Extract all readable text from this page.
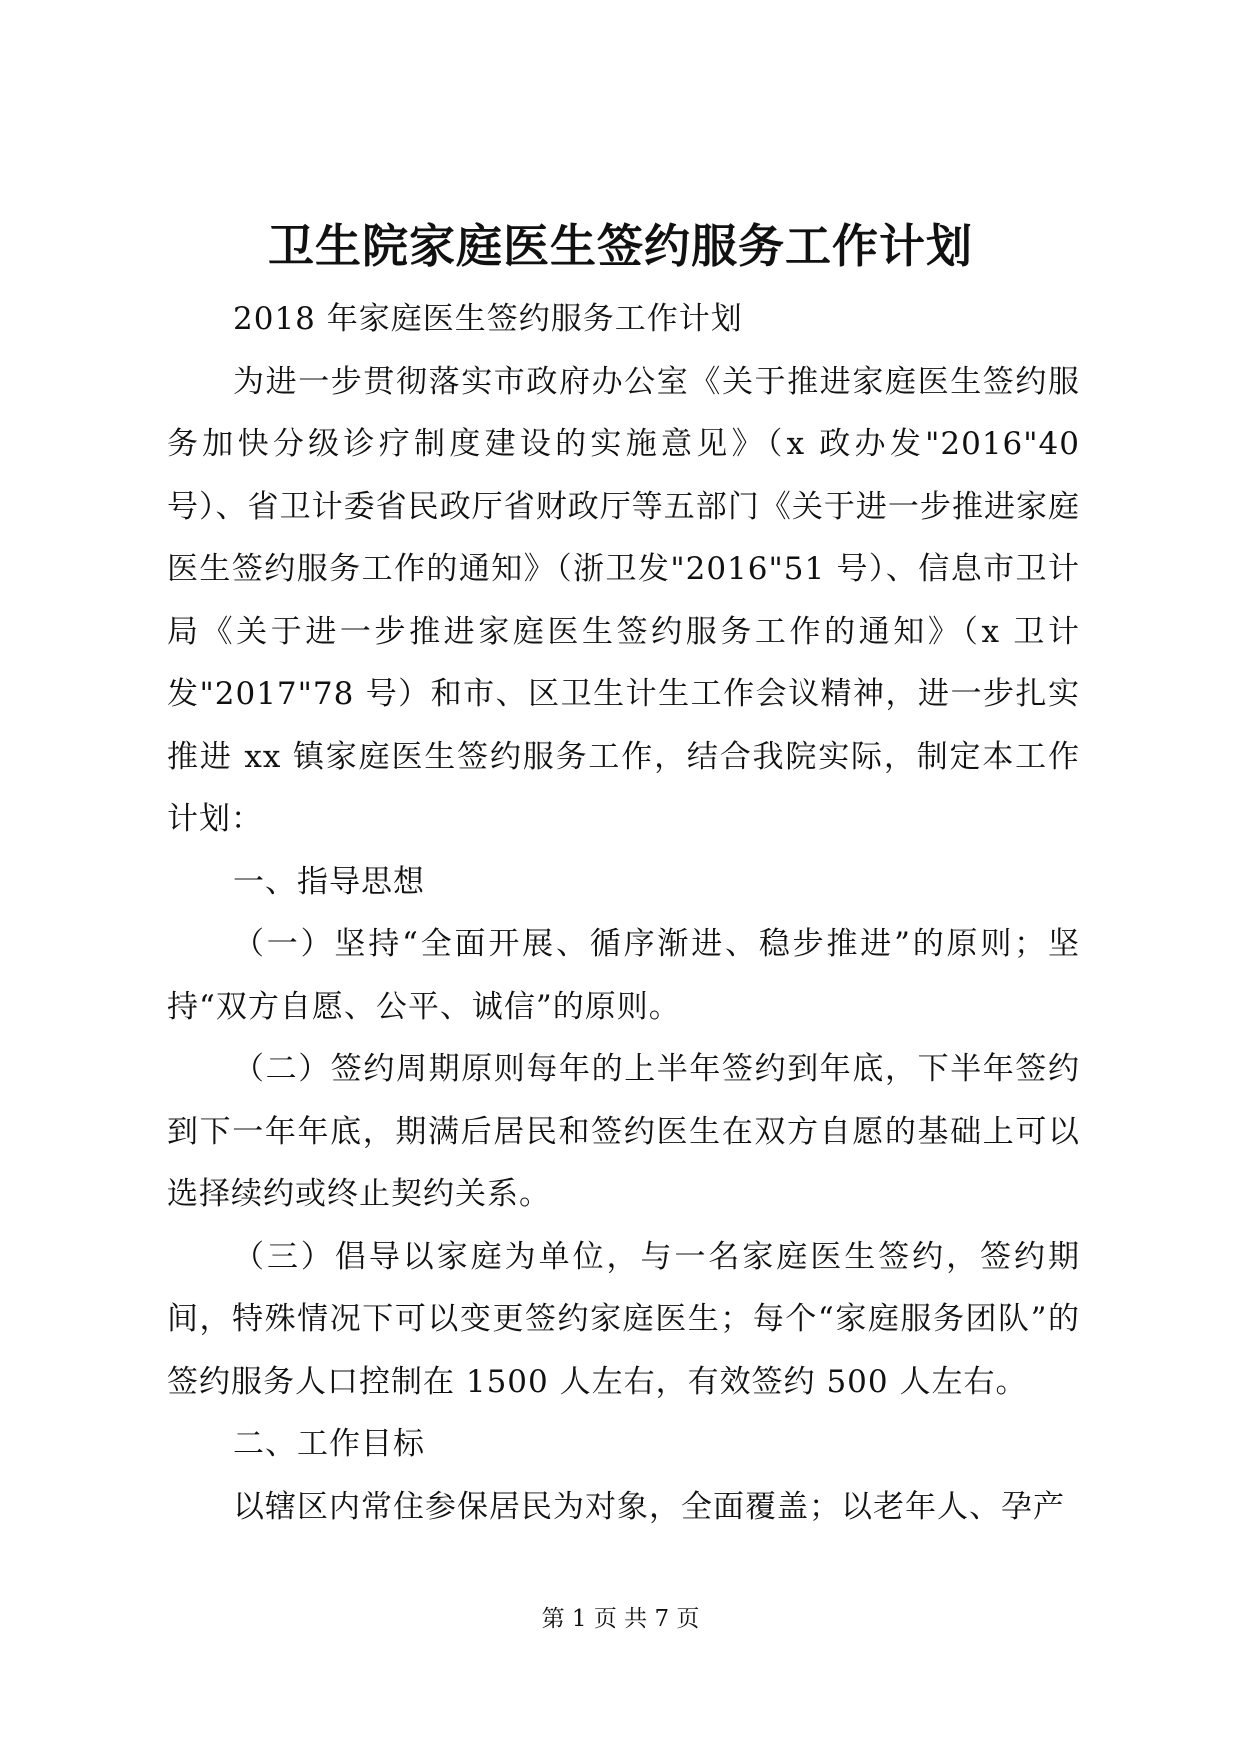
卫生院家庭医生签约服务工作计划

2018 年家庭医生签约服务工作计划

为进一步贯彻落实市政府办公室《关于推进家庭医生签约服务加快分级诊疗制度建设的实施意见》（x 政办发"2016"40 号）、省卫计委省民政厅省财政厅等五部门《关于进一步推进家庭医生签约服务工作的通知》（浙卫发"2016"51 号）、信息市卫计局《关于进一步推进家庭医生签约服务工作的通知》（x 卫计发"2017"78 号）和市、区卫生计生工作会议精神，进一步扎实推进 xx 镇家庭医生签约服务工作，结合我院实际，制定本工作计划：

一、指导思想

（一）坚持“全面开展、循序渐进、稳步推进”的原则；坚持“双方自愿、公平、诚信”的原则。

（二）签约周期原则每年的上半年签约到年底，下半年签约到下一年年底，期满后居民和签约医生在双方自愿的基础上可以选择续约或终止契约关系。

（三）倡导以家庭为单位，与一名家庭医生签约，签约期间，特殊情况下可以变更签约家庭医生；每个“家庭服务团队”的签约服务人口控制在 1500 人左右，有效签约 500 人左右。

二、工作目标

以辖区内常住参保居民为对象，全面覆盖；以老年人、孕产

第 1 页 共 7 页
